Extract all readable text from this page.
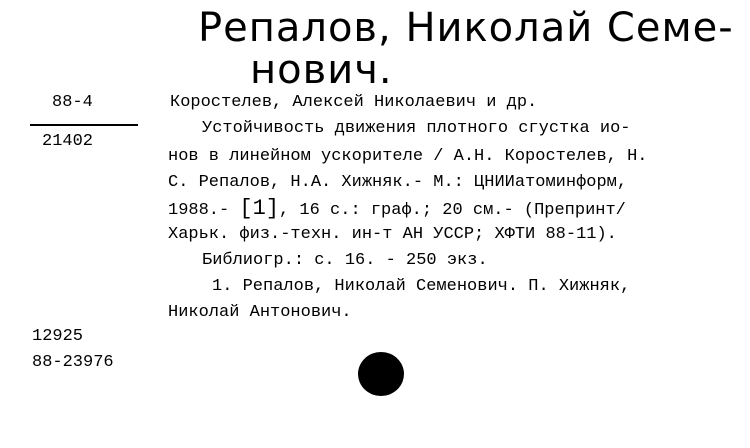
Репалов, Николай Семе-
нович.
88-4
21402
Коростелев, Алексей Николаевич и др.
Устойчивость движения плотного сгустка ио-
нов в линейном ускорителе / А.Н. Коростелев, Н.
С. Репалов, Н.А. Хижняк.- М.: ЦНИИатоминформ,
1988.- [1], 16 с.: граф.; 20 см.- (Препринт/
Харьк. физ.-техн. ин-т АН УССР; ХФТИ 88-11).
Библиогр.: с. 16. - 250 экз.
1. Репалов, Николай Семенович. П. Хижняк,
Николай Антонович.
12925
88-23976
